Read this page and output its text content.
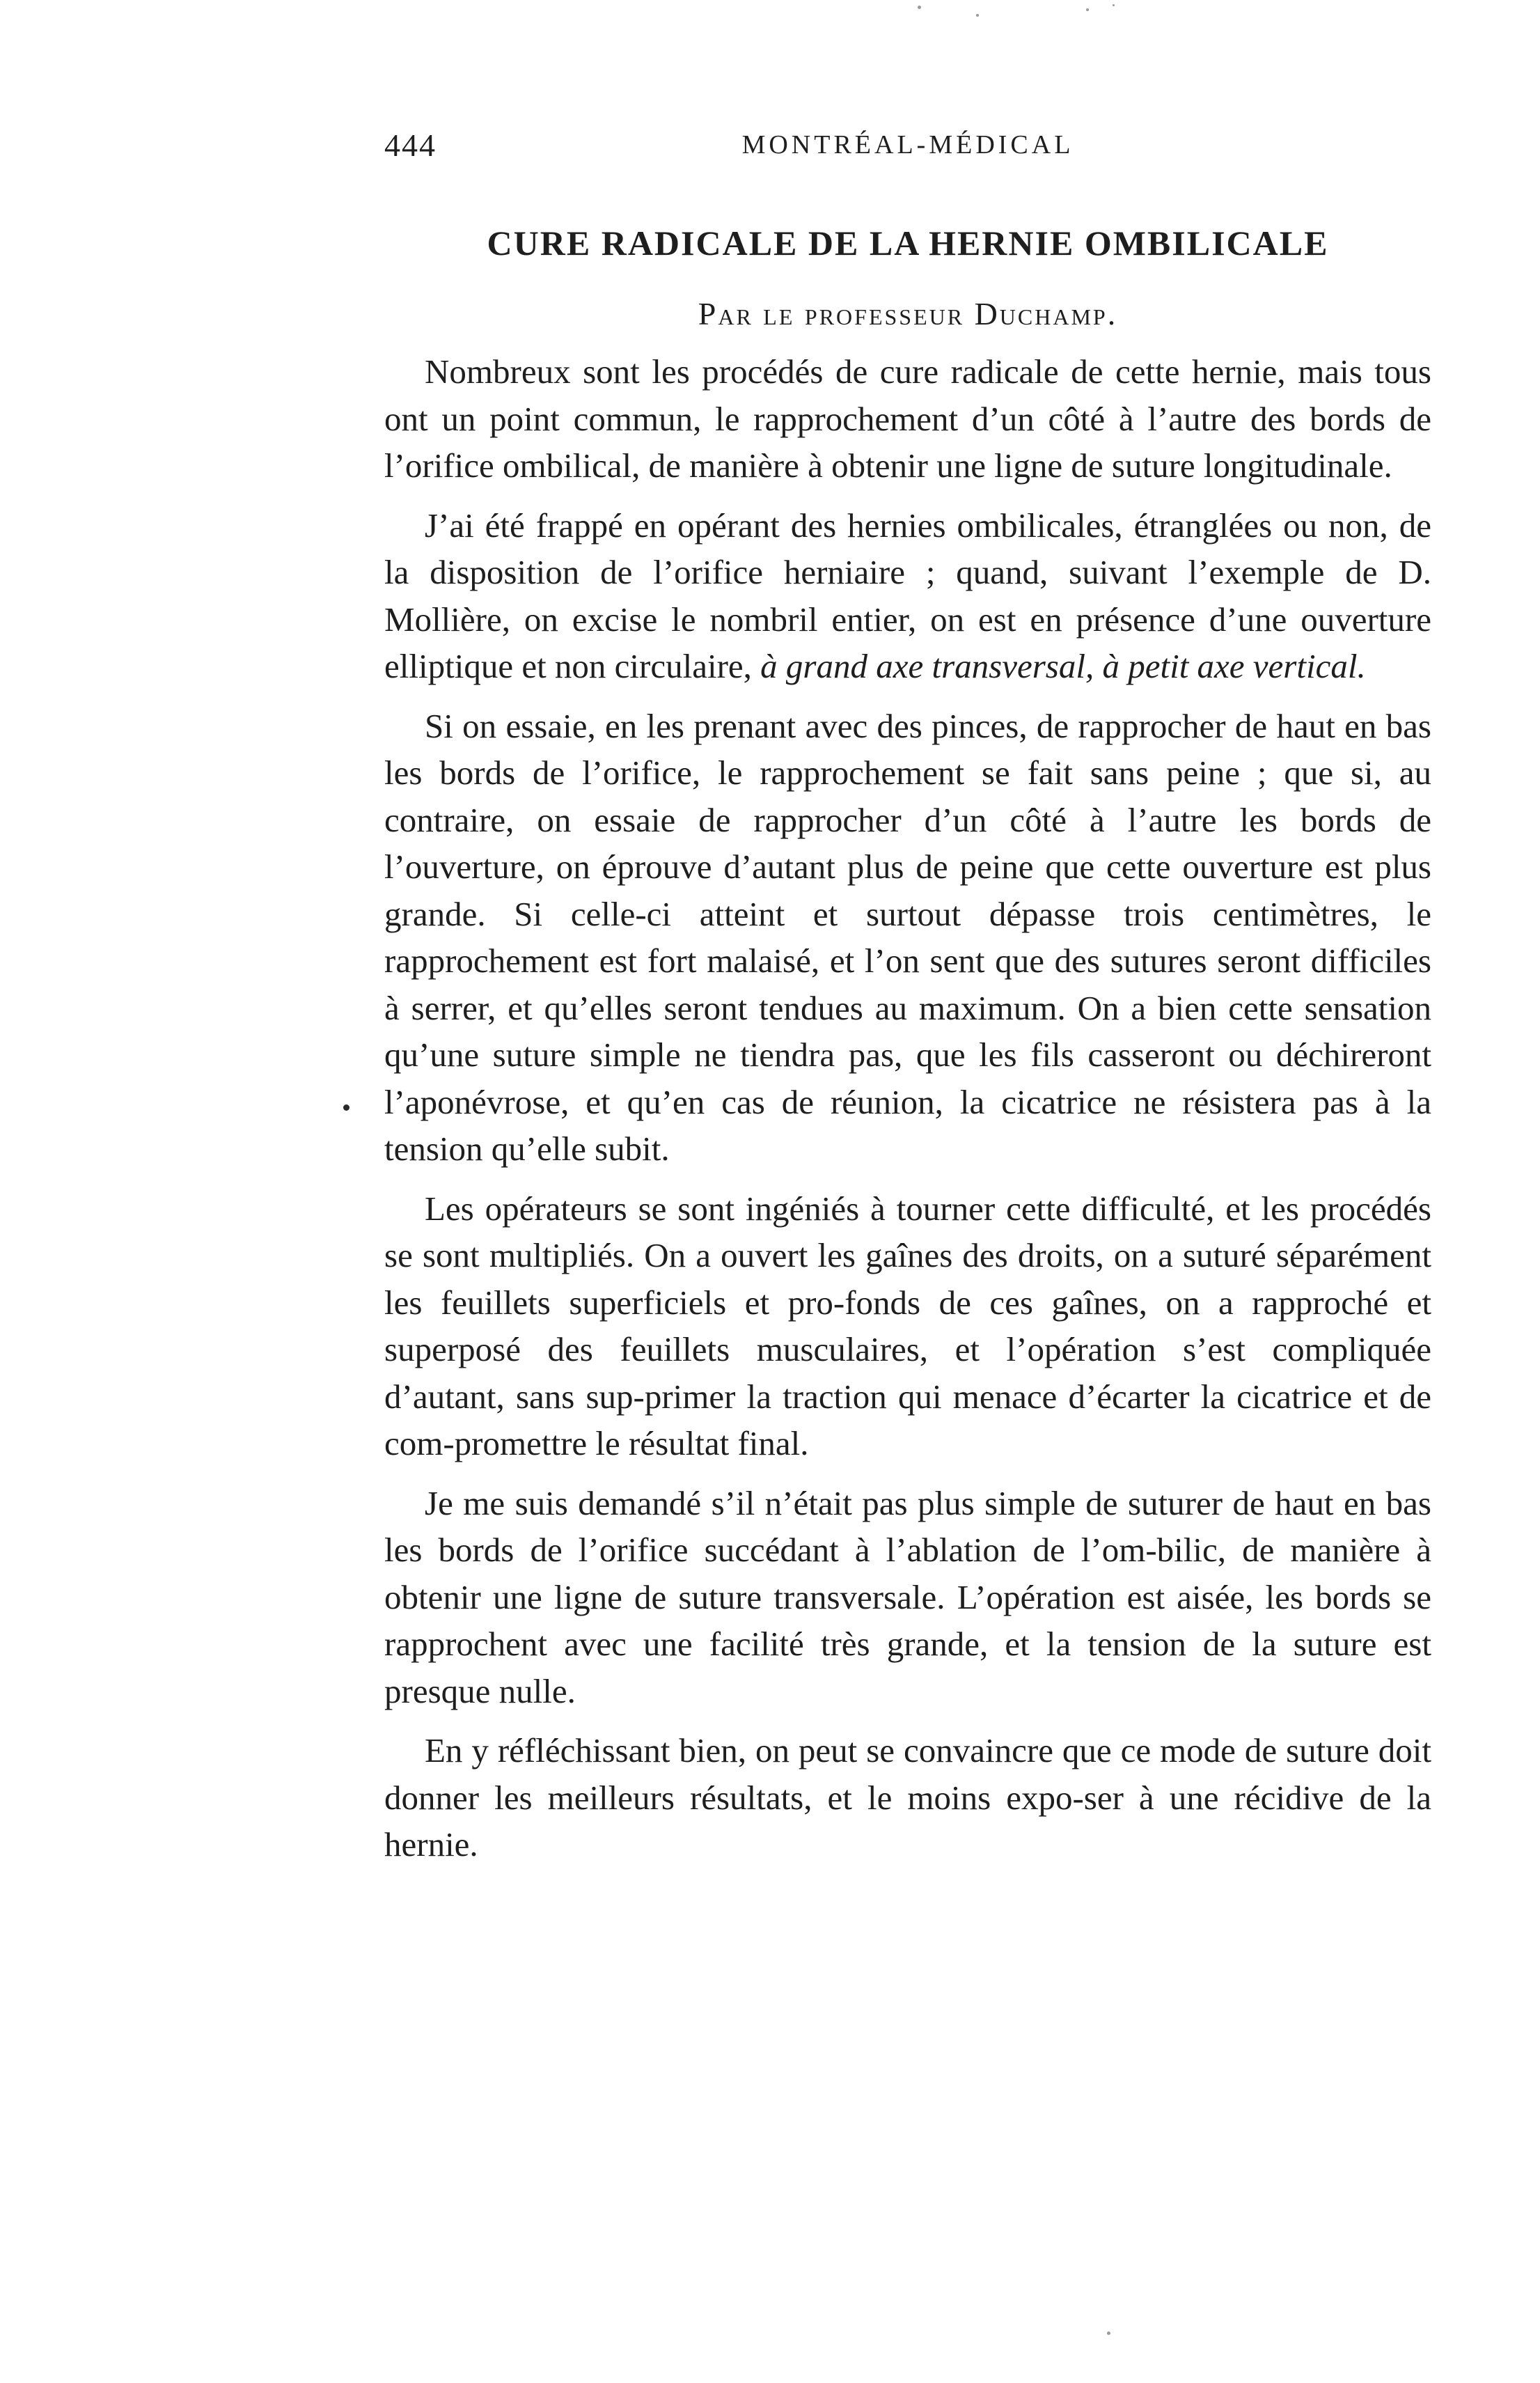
444	MONTRÉAL-MÉDICAL
CURE RADICALE DE LA HERNIE OMBILICALE
Par le professeur Duchamp.

Nombreux sont les procédés de cure radicale de cette hernie, mais tous ont un point commun, le rapprochement d’un côté à l’autre des bords de l’orifice ombilical, de manière à obtenir une ligne de suture longitudinale.

J’ai été frappé en opérant des hernies ombilicales, étranglées ou non, de la disposition de l’orifice herniaire ; quand, suivant l’exemple de D. Mollière, on excise le nombril entier, on est en présence d’une ouverture elliptique et non circulaire, à grand axe transversal, à petit axe vertical.

Si on essaie, en les prenant avec des pinces, de rapprocher de haut en bas les bords de l’orifice, le rapprochement se fait sans peine ; que si, au contraire, on essaie de rapprocher d’un côté à l’autre les bords de l’ouverture, on éprouve d’autant plus de peine que cette ouverture est plus grande. Si celle-ci atteint et surtout dépasse trois centimètres, le rapprochement est fort malaisé, et l’on sent que des sutures seront difficiles à serrer, et qu’elles seront tendues au maximum. On a bien cette sensation qu’une suture simple ne tiendra pas, que les fils casseront ou déchireront l’aponévrose, et qu’en cas de réunion, la cicatrice ne résistera pas à la tension qu’elle subit.

Les opérateurs se sont ingéniés à tourner cette difficulté, et les procédés se sont multipliés. On a ouvert les gaînes des droits, on a suturé séparément les feuillets superficiels et pro-fonds de ces gaînes, on a rapproché et superposé des feuillets musculaires, et l’opération s’est compliquée d’autant, sans sup-primer la traction qui menace d’écarter la cicatrice et de com-promettre le résultat final.

Je me suis demandé s’il n’était pas plus simple de suturer de haut en bas les bords de l’orifice succédant à l’ablation de l’om-bilic, de manière à obtenir une ligne de suture transversale. L’opération est aisée, les bords se rapprochent avec une facilité très grande, et la tension de la suture est presque nulle.

En y réfléchissant bien, on peut se convaincre que ce mode de suture doit donner les meilleurs résultats, et le moins expo-ser à une récidive de la hernie.
